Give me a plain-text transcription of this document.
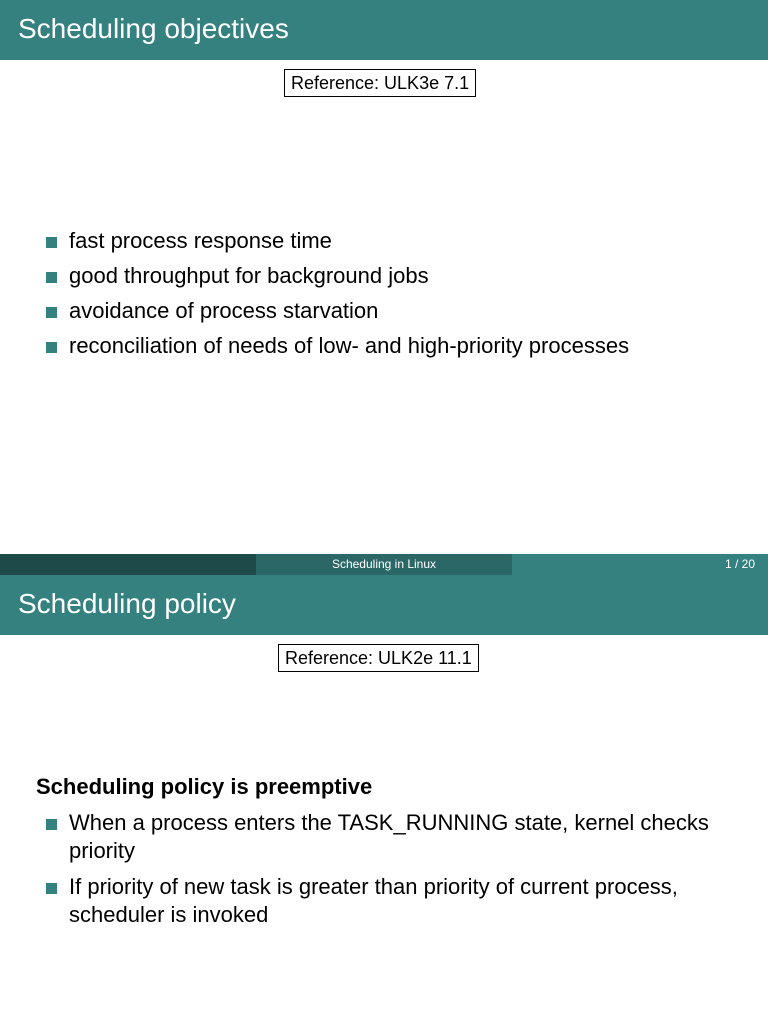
Scheduling objectives
Reference: ULK3e 7.1
fast process response time
good throughput for background jobs
avoidance of process starvation
reconciliation of needs of low- and high-priority processes
Scheduling in Linux	1 / 20
Scheduling policy
Reference: ULK2e 11.1
Scheduling policy is preemptive
When a process enters the TASK_RUNNING state, kernel checks priority
If priority of new task is greater than priority of current process, scheduler is invoked
